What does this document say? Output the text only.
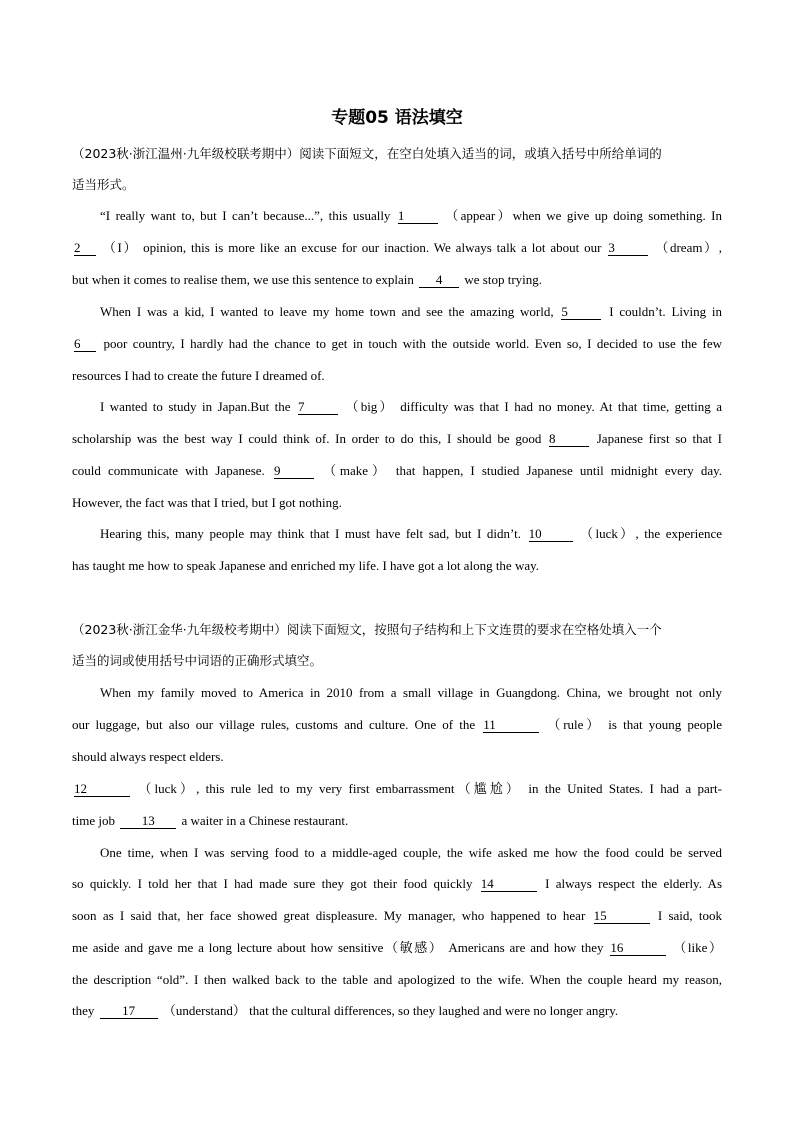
专题05 语法填空
（2023秋·浙江温州·九年级校联考期中）阅读下面短文，在空白处填入适当的词，或填入括号中所给单词的
适当形式。
“I really want to, but I can’t because...”, this usually 1	（appear）when we give up doing something. In
2 （I） opinion, this is more like an excuse for our inaction. We always talk a lot about our 3	（dream）,
but when it comes to realise them, we use this sentence to explain 4 we stop trying.
When I was a kid, I wanted to leave my home town and see the amazing world, 5	I couldn’t. Living in
6 poor country, I hardly had the chance to get in touch with the outside world. Even so, I decided to use the few
resources I had to create the future I dreamed of.
I wanted to study in Japan.But the 7	（big） difficulty was that I had no money. At that time, getting a
scholarship was the best way I could think of. In order to do this, I should be good 8	Japanese first so that I
could communicate with Japanese. 9	（make） that happen, I studied Japanese until midnight every day.
However, the fact was that I tried, but I got nothing.
Hearing this, many people may think that I must have felt sad, but I didn’t. 10	（luck）, the experience
has taught me how to speak Japanese and enriched my life. I have got a lot along the way.
（2023秋·浙江金华·九年级校考期中）阅读下面短文，按照句子结构和上下文连贯的要求在空格处填入一个
适当的词或使用括号中词语的正确形式填空。
When my family moved to America in 2010 from a small village in Guangdong. China, we brought not only
our luggage, but also our village rules, customs and culture. One of the 11	（rule） is that young people
should always respect elders.
12	（luck）, this rule led to my very first embarrassment（尴尬） in the United States. I had a part-
time job 13 a waiter in a Chinese restaurant.
One time, when I was serving food to a middle-aged couple, the wife asked me how the food could be served
so quickly. I told her that I had made sure they got their food quickly 14	I always respect the elderly. As
soon as I said that, her face showed great displeasure. My manager, who happened to hear 15	I said, took
me aside and gave me a long lecture about how sensitive（敏感） Americans are and how they 16	（like）
the description “old”. I then walked back to the table and apologized to the wife. When the couple heard my reason,
they 17 （understand） that the cultural differences, so they laughed and were no longer angry.
